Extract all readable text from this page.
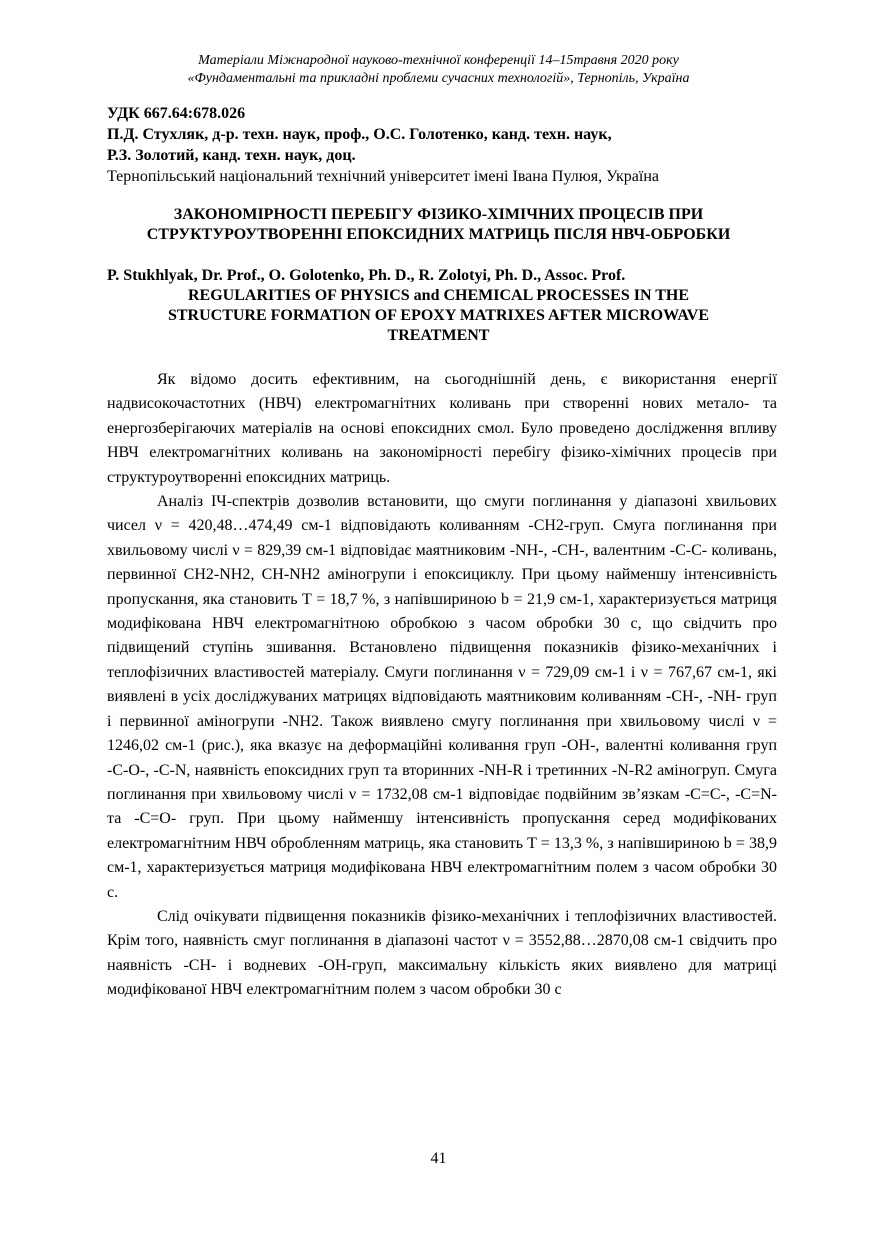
Матеріали Міжнародної науково-технічної конференції 14–15травня 2020 року
«Фундаментальні та прикладні проблеми сучасних технологій», Тернопіль, Україна
УДК 667.64:678.026
П.Д. Стухляк, д-р. техн. наук, проф., О.С. Голотенко, канд. техн. наук,
Р.З. Золотий, канд. техн. наук, доц.
Тернопільський національний технічний університет імені Івана Пулюя, Україна
ЗАКОНОМІРНОСТІ ПЕРЕБІГУ ФІЗИКО-ХІМІЧНИХ ПРОЦЕСІВ ПРИ
СТРУКТУРОУТВОРЕННІ ЕПОКСИДНИХ МАТРИЦЬ ПІСЛЯ НВЧ-ОБРОБКИ
P. Stukhlyak, Dr. Prof., O. Golotenko, Ph. D., R. Zolotyi, Ph. D., Assoc. Prof.
REGULARITIES OF PHYSICS and CHEMICAL PROCESSES IN THE
STRUCTURE FORMATION OF EPOXY MATRIXES AFTER MICROWAVE
TREATMENT

Як відомо досить ефективним, на сьогоднішній день, є використання енергії надвисокочастотних (НВЧ) електромагнітних коливань при створенні нових метало- та енергозберігаючих матеріалів на основі епоксидних смол. Було проведено дослідження впливу НВЧ електромагнітних коливань на закономірності перебігу фізико-хімічних процесів при структуроутворенні епоксидних матриць.

Аналіз ІЧ-спектрів дозволив встановити, що смуги поглинання у діапазоні хвильових чисел ν = 420,48…474,49 см-1 відповідають коливанням -СН2-груп. Смуга поглинання при хвильовому числі ν = 829,39 см-1 відповідає маятниковим -NH-, -CH-, валентним -С-С- коливань, первинної CH2-NH2, CH-NH2 аміногрупи і епоксициклу. При цьому найменшу інтенсивність пропускання, яка становить Т = 18,7 %, з напівшириною b = 21,9 см-1, характеризується матриця модифікована НВЧ електромагнітною обробкою з часом обробки 30 с, що свідчить про підвищений ступінь зшивання. Встановлено підвищення показників фізико-механічних і теплофізичних властивостей матеріалу. Смуги поглинання ν = 729,09 см-1 і ν = 767,67 см-1, які виявлені в усіх досліджуваних матрицях відповідають маятниковим коливанням -CH-, -NH- груп і первинної аміногрупи -NH2. Також виявлено смугу поглинання при хвильовому числі ν = 1246,02 см-1 (рис.), яка вказує на деформаційні коливання груп -ОН-, валентні коливання груп -С-О-, -C-N, наявність епоксидних груп та вторинних -NH-R і третинних -N-R2 аміногруп. Смуга поглинання при хвильовому числі ν = 1732,08 см-1 відповідає подвійним зв’язкам -C=C-, -С=N- та -C=O- груп. При цьому найменшу інтенсивність пропускання серед модифікованих електромагнітним НВЧ обробленням матриць, яка становить T = 13,3 %, з напівшириною b = 38,9 см-1, характеризується матриця модифікована НВЧ електромагнітним полем з часом обробки 30 с.

Слід очікувати підвищення показників фізико-механічних і теплофізичних властивостей. Крім того, наявність смуг поглинання в діапазоні частот ν = 3552,88…2870,08 см-1 свідчить про наявність -СН- і водневих -ОН-груп, максимальну кількість яких виявлено для матриці модифікованої НВЧ електромагнітним полем з часом обробки 30 с

41
